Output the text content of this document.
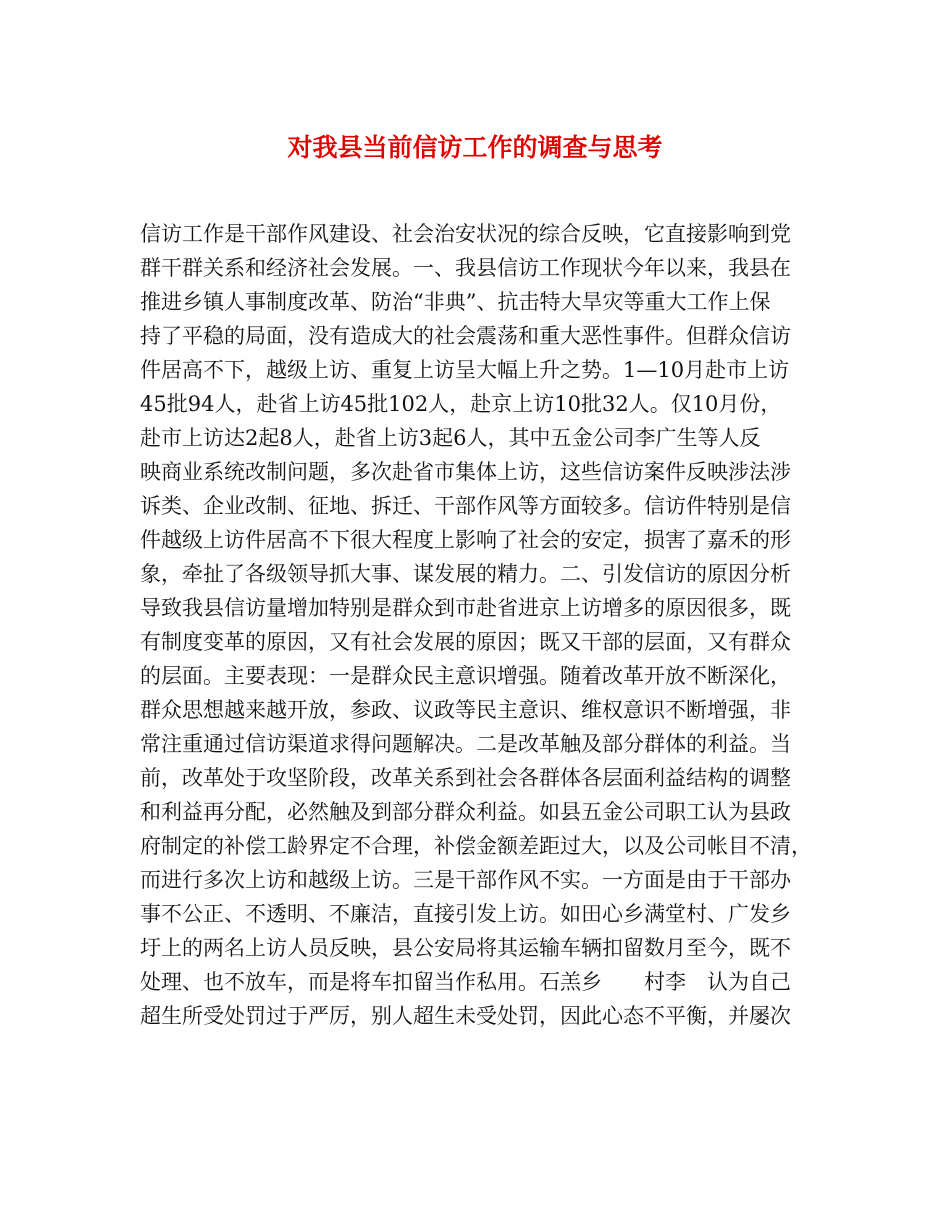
对我县当前信访工作的调查与思考
信访工作是干部作风建设、社会治安状况的综合反映，它直接影响到党
群干群关系和经济社会发展。一、我县信访工作现状今年以来，我县在
推进乡镇人事制度改革、防治“非典”、抗击特大旱灾等重大工作上保
持了平稳的局面，没有造成大的社会震荡和重大恶性事件。但群众信访
件居高不下，越级上访、重复上访呈大幅上升之势。1—10月赴市上访
45批94人，赴省上访45批102人，赴京上访10批32人。仅10月份，
赴市上访达2起8人，赴省上访3起6人，其中五金公司李广生等人反
映商业系统改制问题，多次赴省市集体上访，这些信访案件反映涉法涉
诉类、企业改制、征地、拆迁、干部作风等方面较多。信访件特别是信
件越级上访件居高不下很大程度上影响了社会的安定，损害了嘉禾的形
象，牵扯了各级领导抓大事、谋发展的精力。二、引发信访的原因分析
导致我县信访量增加特别是群众到市赴省进京上访增多的原因很多，既
有制度变革的原因，又有社会发展的原因；既又干部的层面，又有群众
的层面。主要表现：一是群众民主意识增强。随着改革开放不断深化，
群众思想越来越开放，参政、议政等民主意识、维权意识不断增强，非
常注重通过信访渠道求得问题解决。二是改革触及部分群体的利益。当
前，改革处于攻坚阶段，改革关系到社会各群体各层面利益结构的调整
和利益再分配，必然触及到部分群众利益。如县五金公司职工认为县政
府制定的补偿工龄界定不合理，补偿金额差距过大，以及公司帐目不清，
而进行多次上访和越级上访。三是干部作风不实。一方面是由于干部办
事不公正、不透明、不廉洁，直接引发上访。如田心乡满堂村、广发乡
圩上的两名上访人员反映，县公安局将其运输车辆扣留数月至今，既不
处理、也不放车，而是将车扣留当作私用。石羔乡　　村李　认为自己
超生所受处罚过于严厉，别人超生未受处罚，因此心态不平衡，并屡次
